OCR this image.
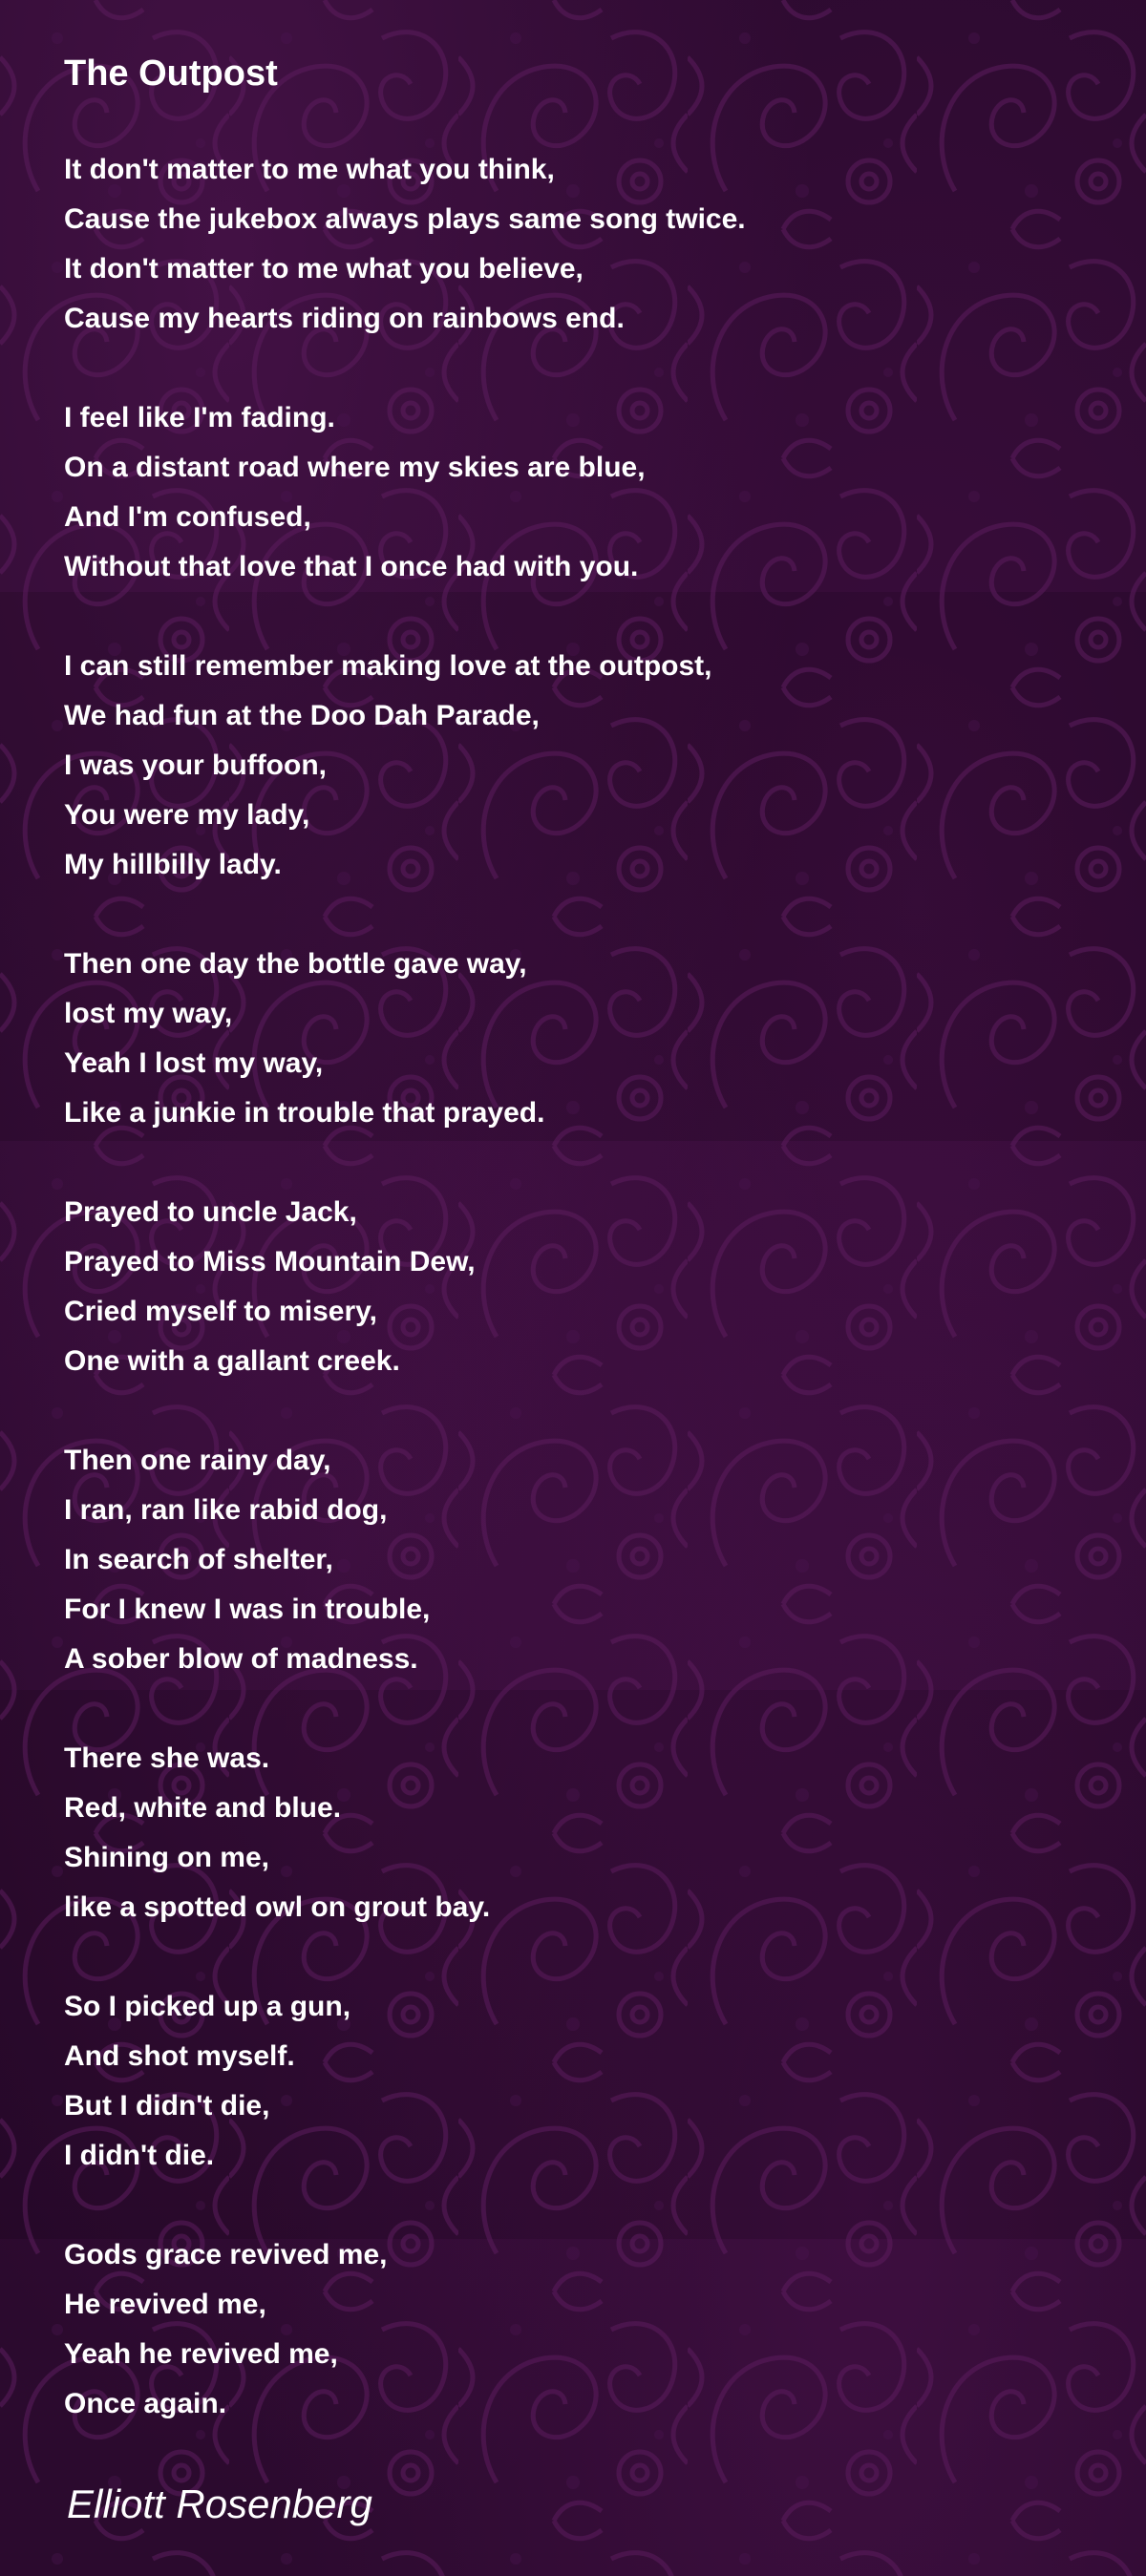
The Outpost
It don't matter to me what you think,
Cause the jukebox always plays same song twice.
It don't matter to me what you believe,
Cause my hearts riding on rainbows end.
I feel like I'm fading.
On a distant road where my skies are blue,
And I'm confused,
Without that love that I once had with you.
I can still remember making love at the outpost,
We had fun at the Doo Dah Parade,
I was your buffoon,
You were my lady,
My hillbilly lady.
Then one day the bottle gave way,
lost my way,
Yeah I lost my way,
Like a junkie in trouble that prayed.
Prayed to uncle Jack,
Prayed to Miss Mountain Dew,
Cried myself to misery,
One with a gallant creek.
Then one rainy day,
I ran, ran like rabid dog,
In search of shelter,
For I knew I was in trouble,
A sober blow of madness.
There she was.
Red, white and blue.
Shining on me,
like a spotted owl on grout bay.
So I picked up a gun,
And shot myself.
But I didn't die,
I didn't die.
Gods grace revived me,
He revived me,
Yeah he revived me,
Once again.
Elliott Rosenberg
